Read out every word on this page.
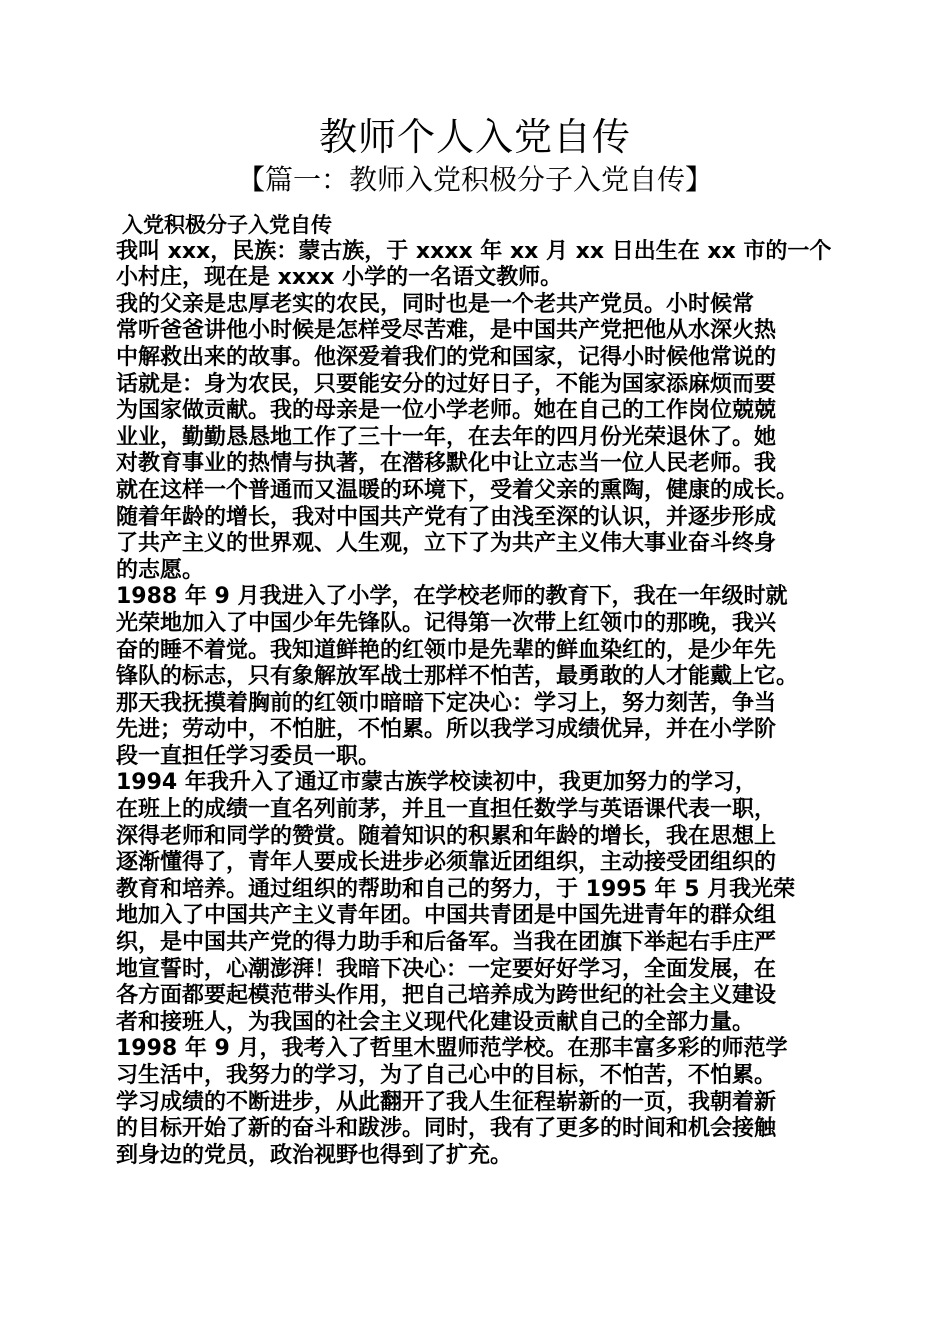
教师个人入党自传
【篇一：教师入党积极分子入党自传】
入党积极分子入党自传
我叫 xxx，民族：蒙古族，于 xxxx 年 xx 月 xx 日出生在 xx 市的一个
小村庄，现在是 xxxx 小学的一名语文教师。
我的父亲是忠厚老实的农民，同时也是一个老共产党员。小时候常
常听爸爸讲他小时候是怎样受尽苦难，是中国共产党把他从水深火热
中解救出来的故事。他深爱着我们的党和国家，记得小时候他常说的
话就是：身为农民，只要能安分的过好日子，不能为国家添麻烦而要
为国家做贡献。我的母亲是一位小学老师。她在自己的工作岗位兢兢
业业，勤勤恳恳地工作了三十一年，在去年的四月份光荣退休了。她
对教育事业的热情与执著，在潜移默化中让立志当一位人民老师。我
就在这样一个普通而又温暖的环境下，受着父亲的熏陶，健康的成长。
随着年龄的增长，我对中国共产党有了由浅至深的认识，并逐步形成
了共产主义的世界观、人生观，立下了为共产主义伟大事业奋斗终身
的志愿。
1988 年 9 月我进入了小学，在学校老师的教育下，我在一年级时就
光荣地加入了中国少年先锋队。记得第一次带上红领巾的那晚，我兴
奋的睡不着觉。我知道鲜艳的红领巾是先辈的鲜血染红的，是少年先
锋队的标志，只有象解放军战士那样不怕苦，最勇敢的人才能戴上它。
那天我抚摸着胸前的红领巾暗暗下定决心：学习上，努力刻苦，争当
先进；劳动中，不怕脏，不怕累。所以我学习成绩优异，并在小学阶
段一直担任学习委员一职。
1994 年我升入了通辽市蒙古族学校读初中，我更加努力的学习，
在班上的成绩一直名列前茅，并且一直担任数学与英语课代表一职，
深得老师和同学的赞赏。随着知识的积累和年龄的增长，我在思想上
逐渐懂得了，青年人要成长进步必须靠近团组织，主动接受团组织的
教育和培养。通过组织的帮助和自己的努力，于 1995 年 5 月我光荣
地加入了中国共产主义青年团。中国共青团是中国先进青年的群众组
织，是中国共产党的得力助手和后备军。当我在团旗下举起右手庄严
地宣誓时，心潮澎湃！我暗下决心：一定要好好学习，全面发展，在
各方面都要起模范带头作用，把自己培养成为跨世纪的社会主义建设
者和接班人，为我国的社会主义现代化建设贡献自己的全部力量。
1998 年 9 月，我考入了哲里木盟师范学校。在那丰富多彩的师范学
习生活中，我努力的学习，为了自己心中的目标，不怕苦，不怕累。
学习成绩的不断进步，从此翻开了我人生征程崭新的一页，我朝着新
的目标开始了新的奋斗和跋涉。同时，我有了更多的时间和机会接触
到身边的党员，政治视野也得到了扩充。
